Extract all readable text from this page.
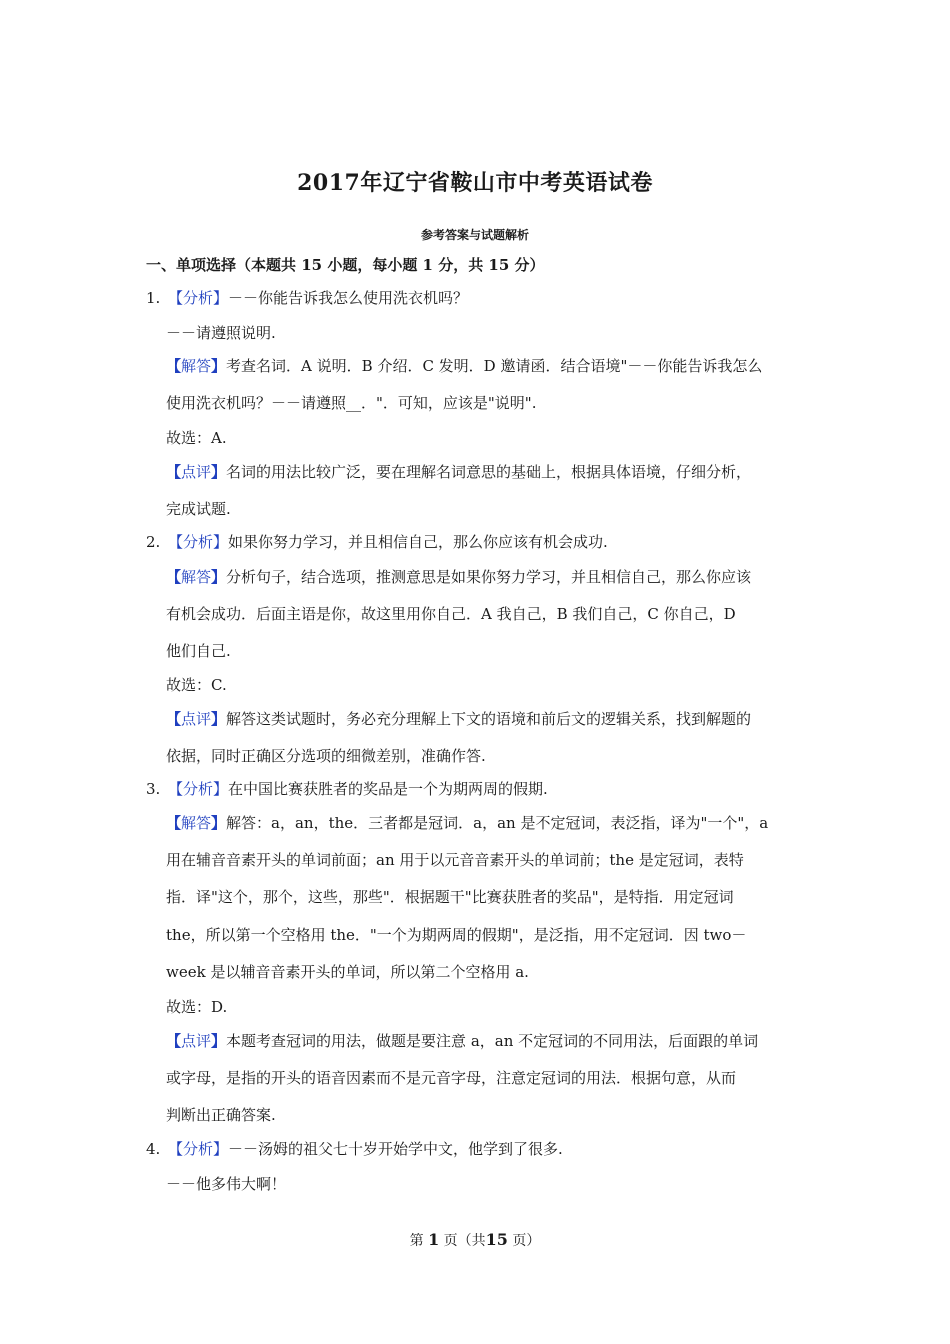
2017年辽宁省鞍山市中考英语试卷
参考答案与试题解析
一、单项选择（本题共 15 小题，每小题 1 分，共 15 分）
1. 【分析】－－你能告诉我怎么使用洗衣机吗？
－－请遵照说明.
【解答】考查名词．A 说明．B 介绍．C 发明．D 邀请函．结合语境"－－你能告诉我怎么
使用洗衣机吗？－－请遵照__．"．可知，应该是"说明".
故选：A.
【点评】名词的用法比较广泛，要在理解名词意思的基础上，根据具体语境，仔细分析，
完成试题.
2. 【分析】如果你努力学习，并且相信自己，那么你应该有机会成功.
【解答】分析句子，结合选项，推测意思是如果你努力学习，并且相信自己，那么你应该
有机会成功．后面主语是你，故这里用你自己．A 我自己，B 我们自己，C 你自己，D
他们自己.
故选：C.
【点评】解答这类试题时，务必充分理解上下文的语境和前后文的逻辑关系，找到解题的
依据，同时正确区分选项的细微差别，准确作答.
3. 【分析】在中国比赛获胜者的奖品是一个为期两周的假期.
【解答】解答：a，an，the．三者都是冠词．a，an 是不定冠词，表泛指，译为"一个"，a
用在辅音音素开头的单词前面；an 用于以元音音素开头的单词前；the 是定冠词，表特
指．译"这个，那个，这些，那些"．根据题干"比赛获胜者的奖品"，是特指．用定冠词
the，所以第一个空格用 the．"一个为期两周的假期"，是泛指，用不定冠词．因 two－
week 是以辅音音素开头的单词，所以第二个空格用 a.
故选：D.
【点评】本题考查冠词的用法，做题是要注意 a，an 不定冠词的不同用法，后面跟的单词
或字母，是指的开头的语音因素而不是元音字母，注意定冠词的用法．根据句意，从而
判断出正确答案.
4. 【分析】－－汤姆的祖父七十岁开始学中文，他学到了很多.
－－他多伟大啊！
第 1 页（共15 页）
